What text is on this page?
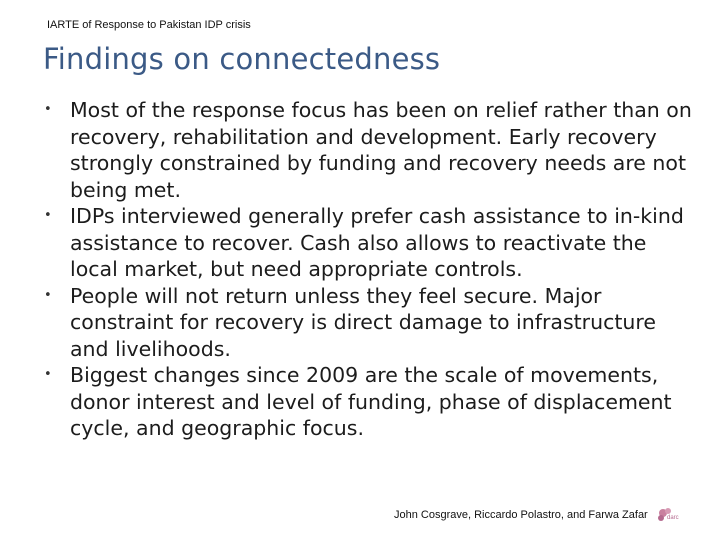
IARTE of Response to Pakistan IDP crisis
Findings on connectedness
• Most of the response focus has been on relief rather than on recovery, rehabilitation and development. Early recovery strongly constrained by funding and recovery needs are not being met.
• IDPs interviewed generally prefer cash assistance to in-kind assistance to recover. Cash also allows to reactivate the local market, but need appropriate controls.
• People will not return unless they feel secure. Major constraint for recovery is direct damage to infrastructure and livelihoods.
• Biggest changes since 2009 are the scale of movements, donor interest and level of funding, phase of displacement cycle, and geographic focus.
John Cosgrave, Riccardo Polastro, and Farwa Zafar	darc
